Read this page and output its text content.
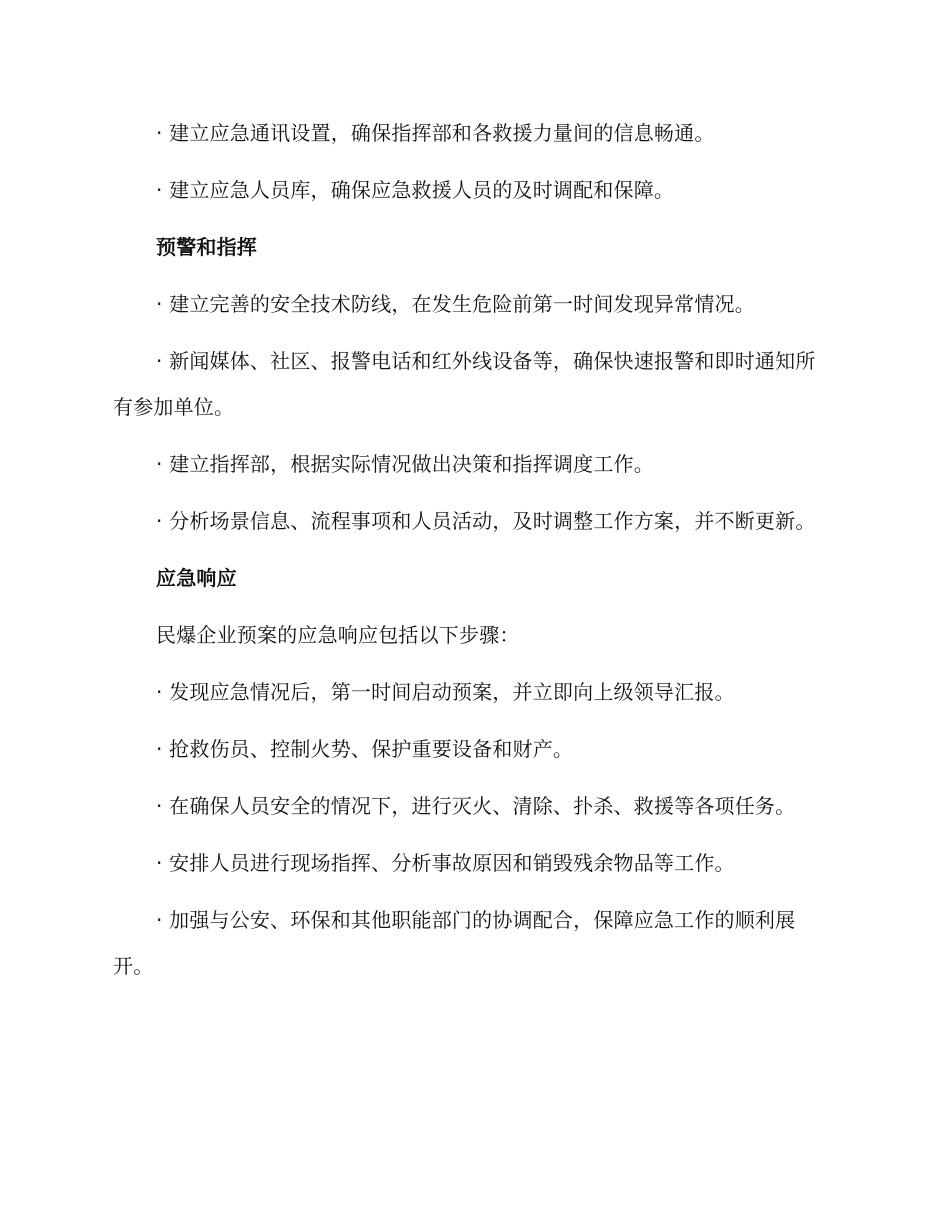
· 建立应急通讯设置，确保指挥部和各救援力量间的信息畅通。

· 建立应急人员库，确保应急救援人员的及时调配和保障。

预警和指挥

· 建立完善的安全技术防线，在发生危险前第一时间发现异常情况。

· 新闻媒体、社区、报警电话和红外线设备等，确保快速报警和即时通知所有参加单位。

· 建立指挥部，根据实际情况做出决策和指挥调度工作。

· 分析场景信息、流程事项和人员活动，及时调整工作方案，并不断更新。

应急响应

民爆企业预案的应急响应包括以下步骤：

· 发现应急情况后，第一时间启动预案，并立即向上级领导汇报。

· 抢救伤员、控制火势、保护重要设备和财产。

· 在确保人员安全的情况下，进行灭火、清除、扑杀、救援等各项任务。

· 安排人员进行现场指挥、分析事故原因和销毁残余物品等工作。

· 加强与公安、环保和其他职能部门的协调配合，保障应急工作的顺利展开。
